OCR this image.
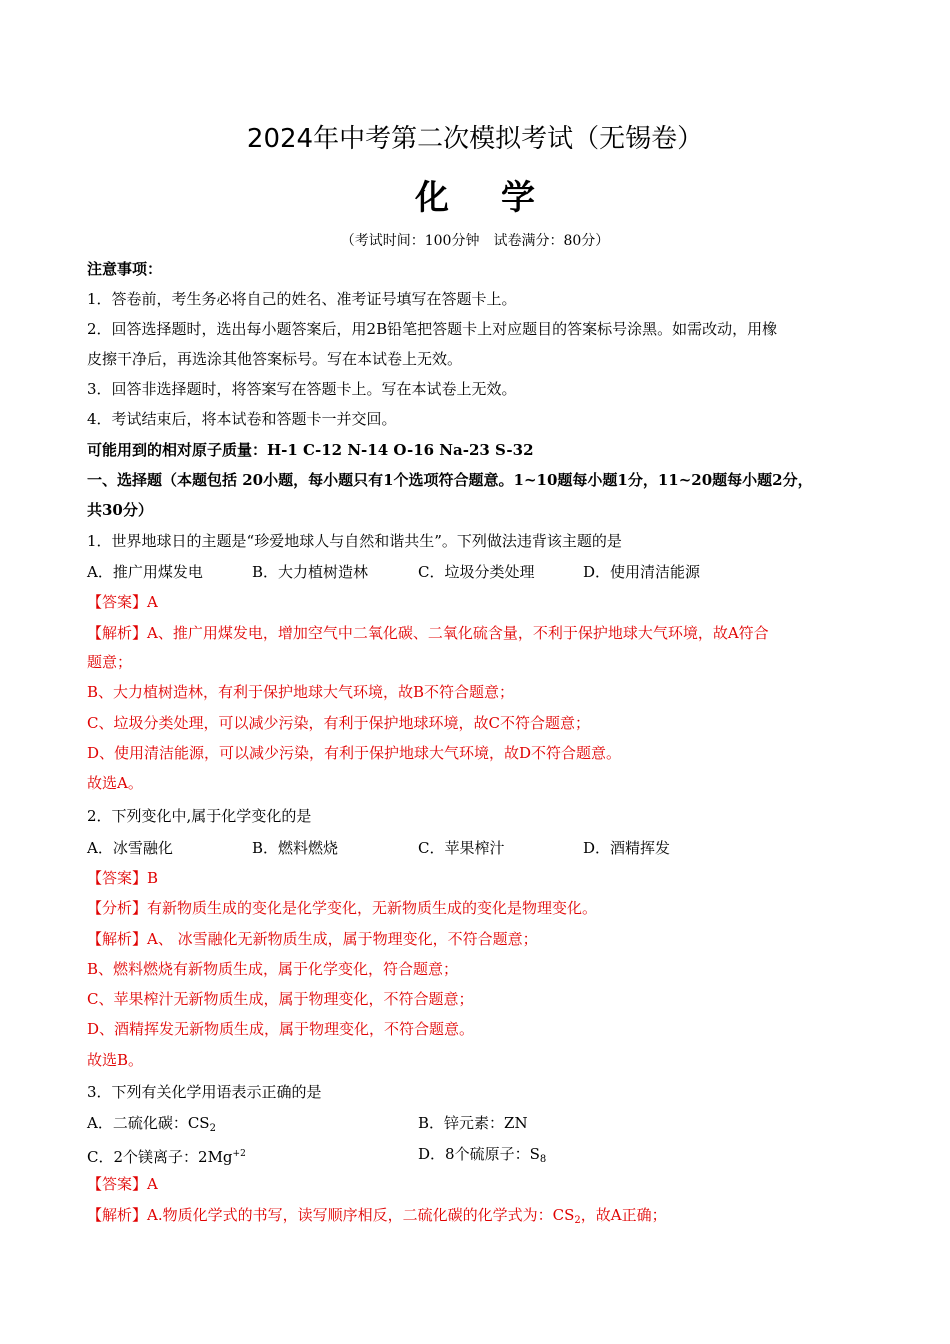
2024年中考第二次模拟考试（无锡卷）
化 学
（考试时间：100分钟　试卷满分：80分）
注意事项：
1．答卷前，考生务必将自己的姓名、准考证号填写在答题卡上。
2．回答选择题时，选出每小题答案后，用2B铅笔把答题卡上对应题目的答案标号涂黑。如需改动，用橡
皮擦干净后，再选涂其他答案标号。写在本试卷上无效。
3．回答非选择题时，将答案写在答题卡上。写在本试卷上无效。
4．考试结束后，将本试卷和答题卡一并交回。
可能用到的相对原子质量：H-1 C-12 N-14 O-16 Na-23 S-32
一、选择题（本题包括 20小题，每小题只有1个选项符合题意。1~10题每小题1分，11~20题每小题2分，
共30分）
1．世界地球日的主题是“珍爱地球人与自然和谐共生”。下列做法违背该主题的是
A．推广用煤发电	B．大力植树造林	C．垃圾分类处理	D．使用清洁能源
【答案】A
【解析】A、推广用煤发电，增加空气中二氧化碳、二氧化硫含量，不利于保护地球大气环境，故A符合
题意；
B、大力植树造林，有利于保护地球大气环境，故B不符合题意；
C、垃圾分类处理，可以减少污染，有利于保护地球环境，故C不符合题意；
D、使用清洁能源，可以减少污染，有利于保护地球大气环境，故D不符合题意。
故选A。
2．下列变化中,属于化学变化的是
A．冰雪融化	B．燃料燃烧	C．苹果榨汁	D．酒精挥发
【答案】B
【分析】有新物质生成的变化是化学变化，无新物质生成的变化是物理变化。
【解析】A、 冰雪融化无新物质生成，属于物理变化，不符合题意；
B、燃料燃烧有新物质生成，属于化学变化，符合题意；
C、苹果榨汁无新物质生成，属于物理变化，不符合题意；
D、酒精挥发无新物质生成，属于物理变化，不符合题意。
故选B。
3．下列有关化学用语表示正确的是
A．二硫化碳：$CS_2$	B．锌元素：ZN
C．2个镁离子：$2Mg^{+2}$	D．8个硫原子：$S_8$
【答案】A
【解析】A.物质化学式的书写，读写顺序相反，二硫化碳的化学式为：$CS_2$，故A正确；
